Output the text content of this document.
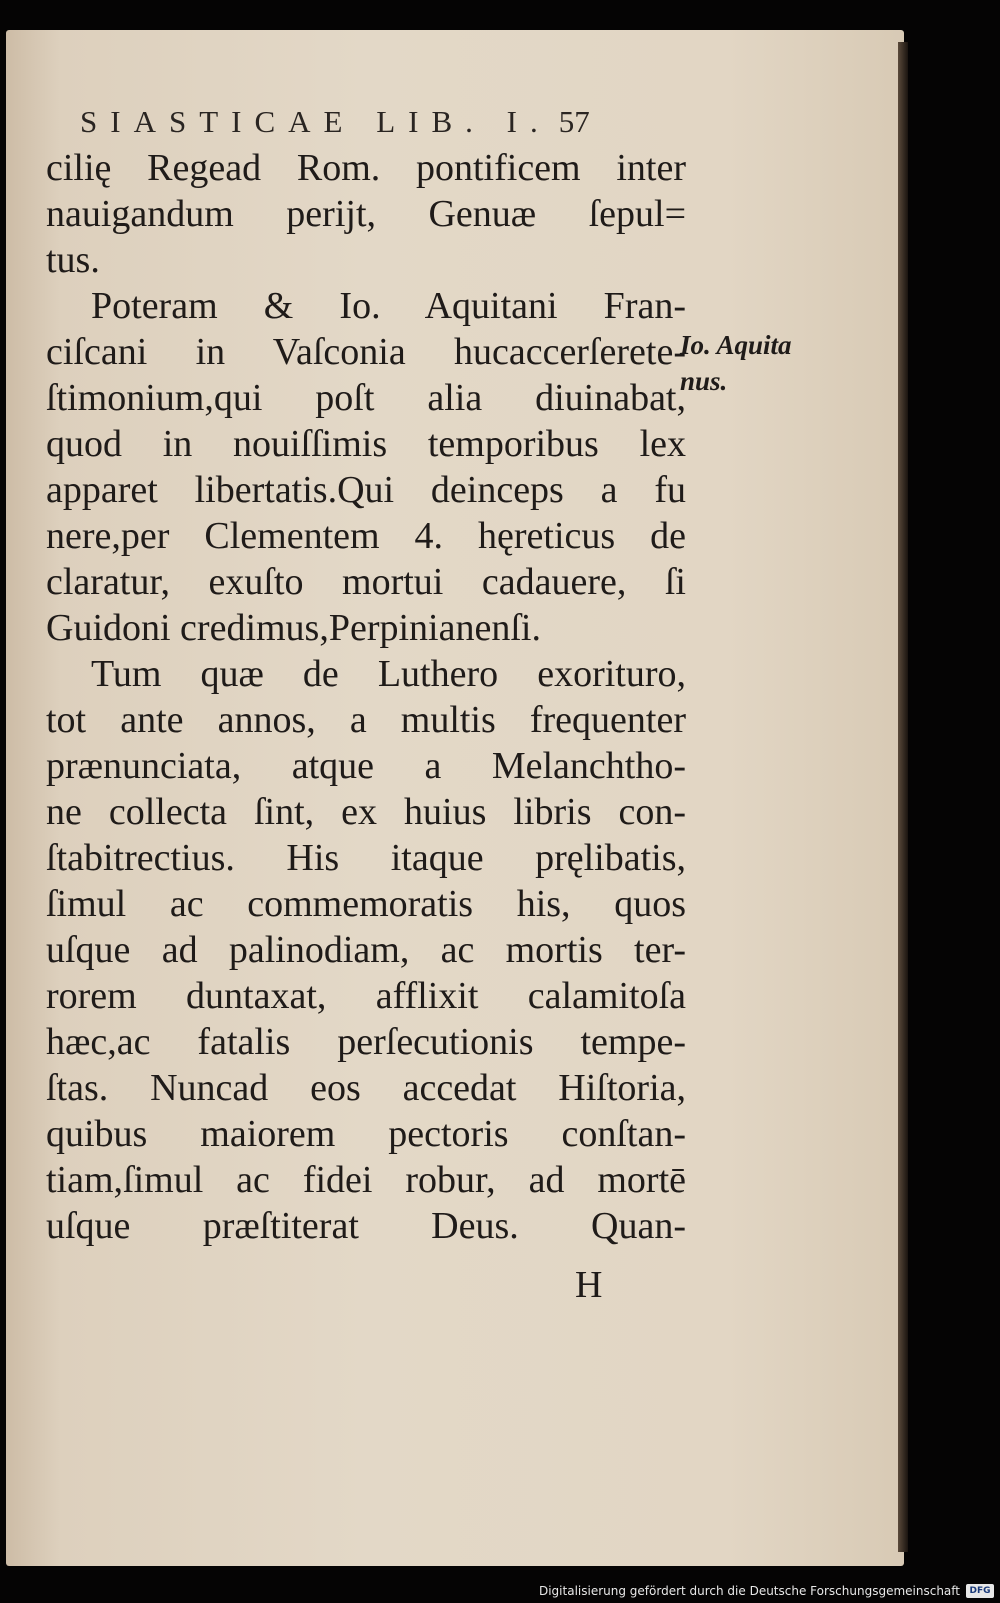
SIASTICAE LIB. I. 57
cilię Regead Rom. pontificem inter
nauigandum periјt, Genuæ ſepul=
tus.
Poteram & Io. Aquitani Fran-
ciſcani in Vaſconia hucaccerſerete-
ſtimonium,qui poſt alia diuinabat,
quod in nouiſſimis temporibus lex
apparet libertatis.Qui deinceps a fu
nere,per Clementem 4. hęreticus de
claratur, exuſto mortui cadauere, ſi
Guidoni credimus,Perpinianenſi.
Tum quæ de Luthero exorituro,
tot ante annos, a multis frequenter
prænunciata, atque a Melanchtho-
ne collecta ſint, ex huius libris con-
ſtabitrectius. His itaque pręlibatis,
ſimul ac commemoratis his, quos
uſque ad palinodiam, ac mortis ter-
rorem duntaxat, afflixit calamitoſa
hæc,ac fatalis perſecutionis tempe-
ſtas. Nuncad eos accedat Hiſtoria,
quibus maiorem pectoris conſtan-
tiam,ſimul ac fidei robur, ad mortē
uſque præſtiterat Deus. Quan-
Io. Aquita
nus.
H
Digitalisierung gefördert durch die Deutsche Forschungsgemeinschaft	DFG
